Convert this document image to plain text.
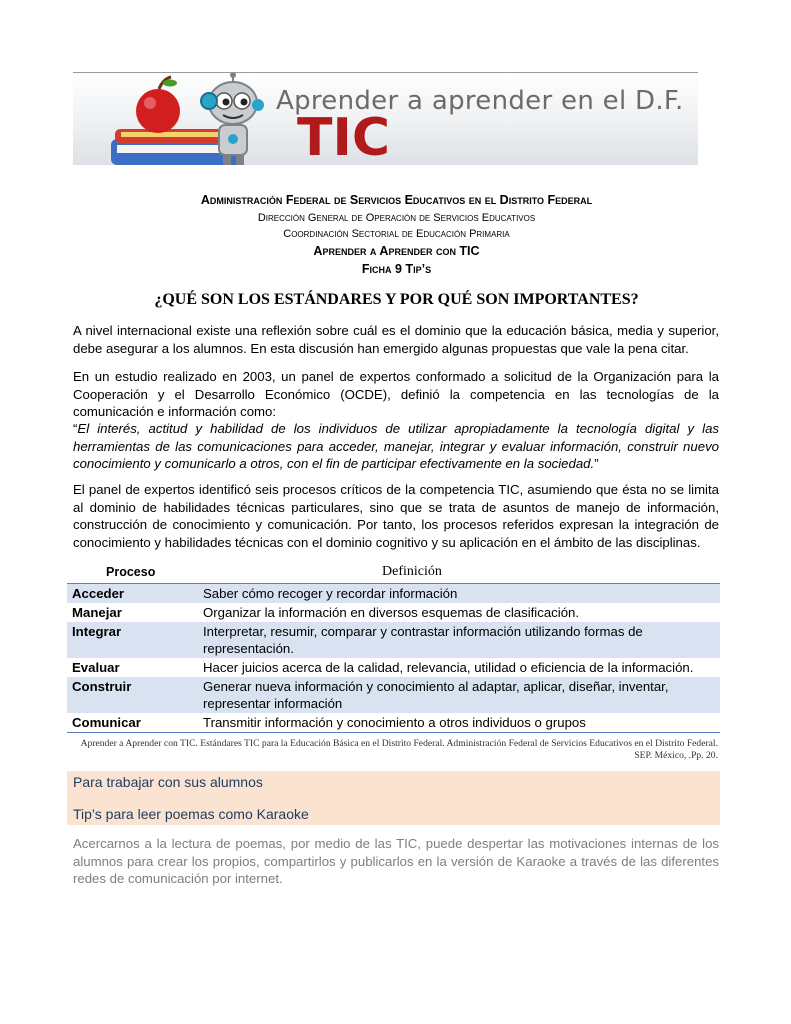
Aprender a aprender en el D.F.
TIC
Administración Federal de Servicios Educativos en el Distrito Federal
Dirección General de Operación de Servicios Educativos
Coordinación Sectorial de Educación Primaria
Aprender a Aprender con TIC
Ficha 9 Tip’s
¿QUÉ SON LOS ESTÁNDARES Y POR QUÉ SON IMPORTANTES?
A nivel internacional existe una reflexión sobre cuál es el dominio que la educación básica, media y superior, debe asegurar a los alumnos. En esta discusión han emergido algunas propuestas que vale la pena citar.
En un estudio realizado en 2003, un panel de expertos conformado a solicitud de la Organización para la Cooperación y el Desarrollo Económico (OCDE), definió la competencia en las tecnologías de la comunicación e información como:
“El interés, actitud y habilidad de los individuos de utilizar apropiadamente la tecnología digital y las herramientas de las comunicaciones para acceder, manejar, integrar y evaluar información, construir nuevo conocimiento y comunicarlo a otros, con el fin de participar efectivamente en la sociedad.”
El panel de expertos identificó seis procesos críticos de la competencia TIC, asumiendo que ésta no se limita al dominio de habilidades técnicas particulares, sino que se trata de asuntos de manejo de información, construcción de conocimiento y comunicación. Por tanto, los procesos referidos expresan la integración de conocimiento y habilidades técnicas con el dominio cognitivo y su aplicación en el ámbito de las disciplinas.
Proceso	Definición
Acceder	Saber cómo recoger y recordar información
Manejar	Organizar la información en diversos esquemas de clasificación.
Integrar	Interpretar, resumir, comparar y contrastar información utilizando formas de representación.
Evaluar	Hacer juicios acerca de la calidad, relevancia, utilidad o eficiencia de la información.
Construir	Generar nueva información y conocimiento al adaptar, aplicar, diseñar, inventar, representar información
Comunicar	Transmitir información y conocimiento a otros individuos o grupos
Aprender a Aprender con TIC. Estándares TIC para la Educación Básica en el Distrito Federal. Administración Federal de Servicios Educativos en el Distrito Federal. SEP. México, .Pp. 20.
Para trabajar con sus alumnos
Tip’s para leer poemas como Karaoke
Acercarnos a la lectura de poemas, por medio de las TIC, puede despertar las motivaciones internas de los alumnos para crear los propios, compartirlos y publicarlos en la versión de Karaoke a través de las diferentes redes de comunicación por internet.
